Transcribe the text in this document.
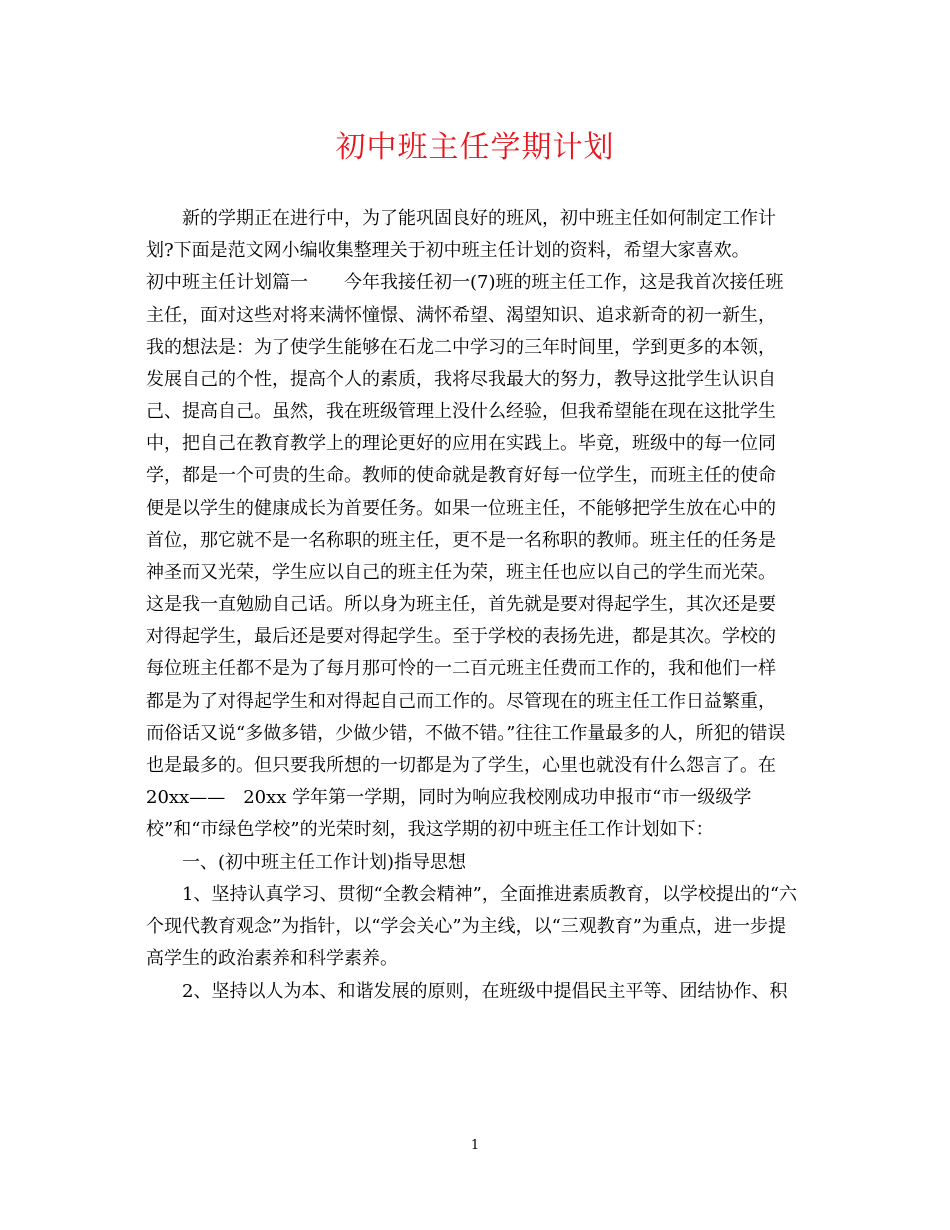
初中班主任学期计划
　　新的学期正在进行中，为了能巩固良好的班风，初中班主任如何制定工作计
划?下面是范文网小编收集整理关于初中班主任计划的资料，希望大家喜欢。
初中班主任计划篇一　　今年我接任初一(7)班的班主任工作，这是我首次接任班
主任，面对这些对将来满怀憧憬、满怀希望、渴望知识、追求新奇的初一新生，
我的想法是：为了使学生能够在石龙二中学习的三年时间里，学到更多的本领，
发展自己的个性，提高个人的素质，我将尽我最大的努力，教导这批学生认识自
己、提高自己。虽然，我在班级管理上没什么经验，但我希望能在现在这批学生
中，把自己在教育教学上的理论更好的应用在实践上。毕竟，班级中的每一位同
学，都是一个可贵的生命。教师的使命就是教育好每一位学生，而班主任的使命
便是以学生的健康成长为首要任务。如果一位班主任，不能够把学生放在心中的
首位，那它就不是一名称职的班主任，更不是一名称职的教师。班主任的任务是
神圣而又光荣，学生应以自己的班主任为荣，班主任也应以自己的学生而光荣。
这是我一直勉励自己话。所以身为班主任，首先就是要对得起学生，其次还是要
对得起学生，最后还是要对得起学生。至于学校的表扬先进，都是其次。学校的
每位班主任都不是为了每月那可怜的一二百元班主任费而工作的，我和他们一样
都是为了对得起学生和对得起自己而工作的。尽管现在的班主任工作日益繁重，
而俗话又说“多做多错，少做少错，不做不错。”往往工作量最多的人，所犯的错误
也是最多的。但只要我所想的一切都是为了学生，心里也就没有什么怨言了。在
20xx——　20xx 学年第一学期，同时为响应我校刚成功申报市“市一级级学
校”和“市绿色学校”的光荣时刻，我这学期的初中班主任工作计划如下：
　　一、(初中班主任工作计划)指导思想
　　1、坚持认真学习、贯彻“全教会精神”，全面推进素质教育，以学校提出的“六
个现代教育观念”为指针，以“学会关心”为主线，以“三观教育”为重点，进一步提
高学生的政治素养和科学素养。
　　2、坚持以人为本、和谐发展的原则，在班级中提倡民主平等、团结协作、积
1
